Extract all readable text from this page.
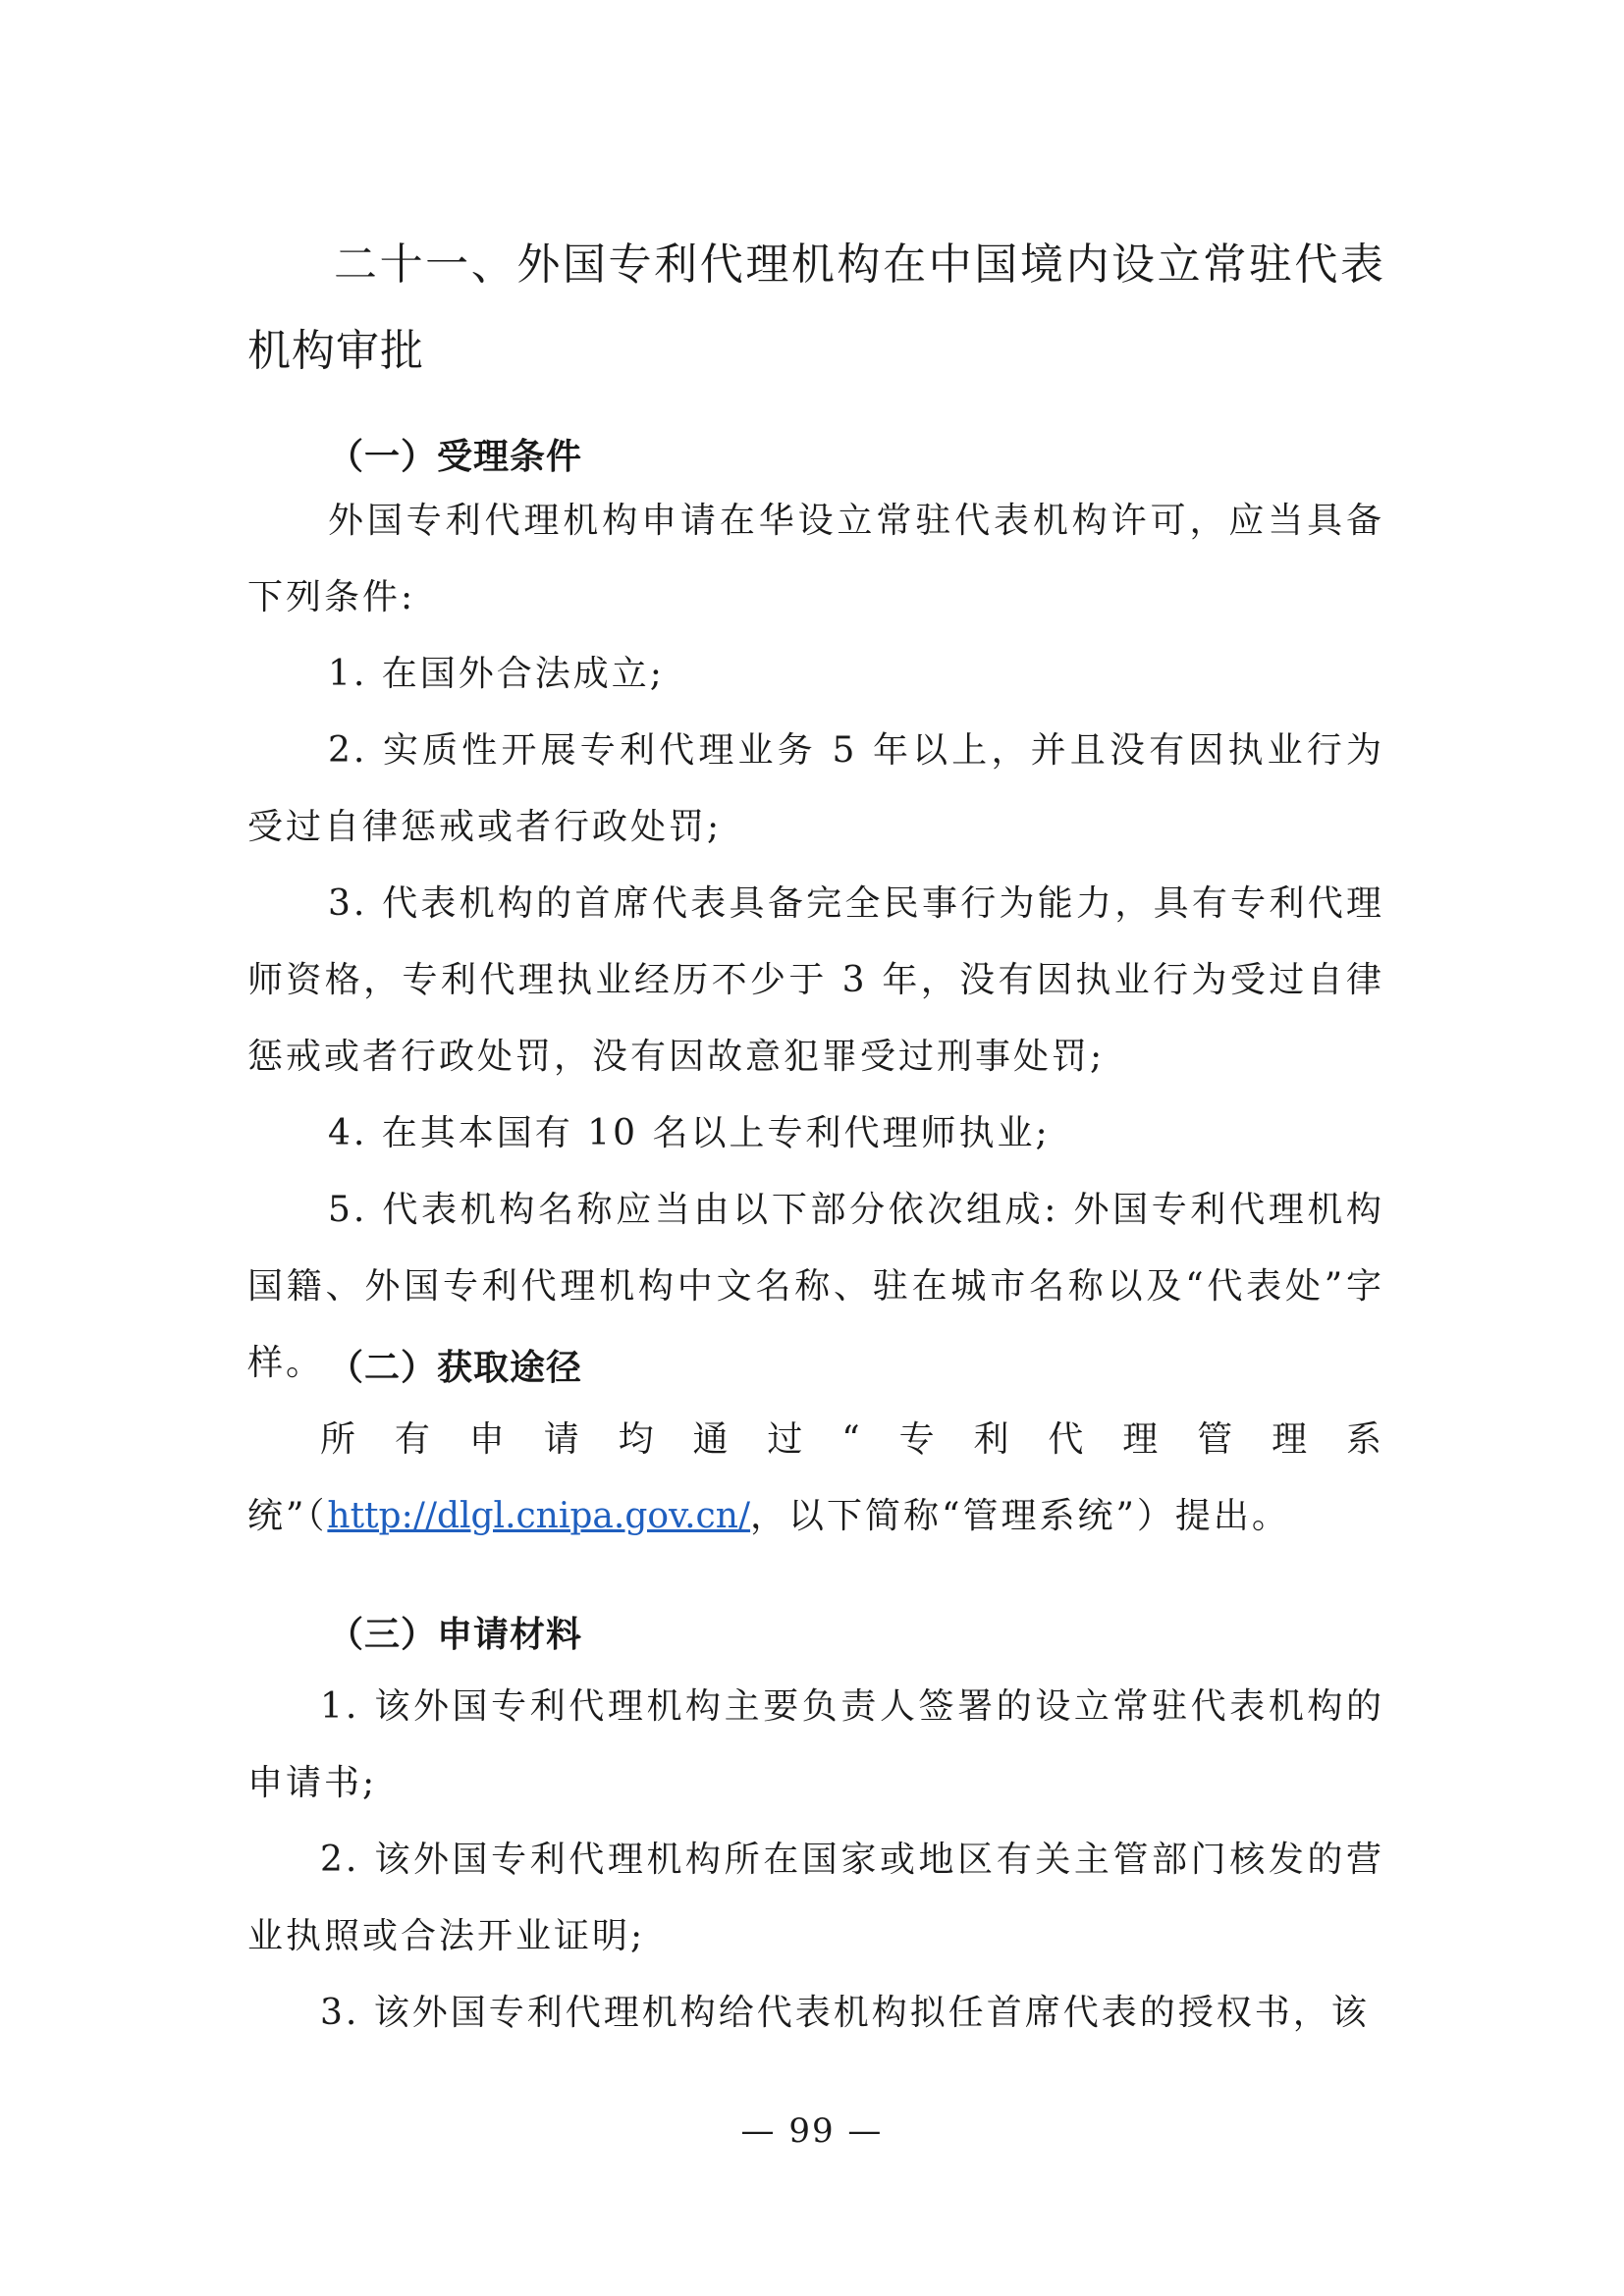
二十一、外国专利代理机构在中国境内设立常驻代表机构审批
（一）受理条件

外国专利代理机构申请在华设立常驻代表机构许可，应当具备下列条件:

1. 在国外合法成立;

2. 实质性开展专利代理业务 5 年以上，并且没有因执业行为受过自律惩戒或者行政处罚;

3. 代表机构的首席代表具备完全民事行为能力，具有专利代理师资格，专利代理执业经历不少于 3 年，没有因执业行为受过自律惩戒或者行政处罚，没有因故意犯罪受过刑事处罚;

4. 在其本国有 10 名以上专利代理师执业;

5. 代表机构名称应当由以下部分依次组成: 外国专利代理机构国籍、外国专利代理机构中文名称、驻在城市名称以及“代表处”字样。 （二）获取途径

所有申请均通过“专利代理管理系统”（http://dlgl.cnipa.gov.cn/，以下简称“管理系统”）提出。

（三）申请材料

1. 该外国专利代理机构主要负责人签署的设立常驻代表机构的申请书;

2. 该外国专利代理机构所在国家或地区有关主管部门核发的营业执照或合法开业证明;

3. 该外国专利代理机构给代表机构拟任首席代表的授权书，该

— 99 —
